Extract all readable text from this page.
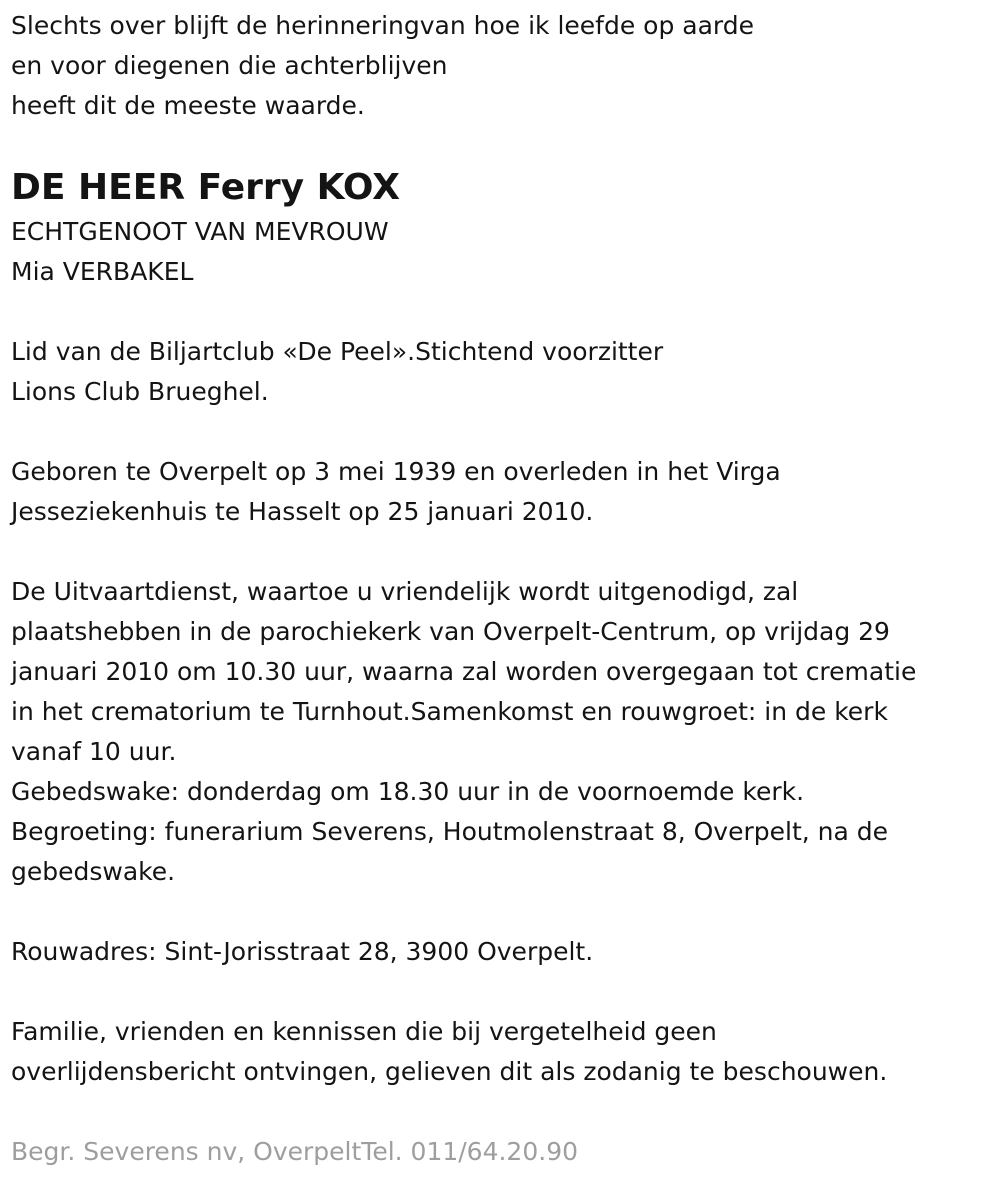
Slechts over blijft de herinneringvan hoe ik leefde op aarde
en voor diegenen die achterblijven
heeft dit de meeste waarde.
DE HEER Ferry KOX
ECHTGENOOT VAN MEVROUW
Mia VERBAKEL
Lid van de Biljartclub «De Peel».Stichtend voorzitter
Lions Club Brueghel.
Geboren te Overpelt op 3 mei 1939 en overleden in het Virga
Jesseziekenhuis te Hasselt op 25 januari 2010.
De Uitvaartdienst, waartoe u vriendelijk wordt uitgenodigd, zal
plaatshebben in de parochiekerk van Overpelt-Centrum, op vrijdag 29
januari 2010 om 10.30 uur, waarna zal worden overgegaan tot crematie
in het crematorium te Turnhout.Samenkomst en rouwgroet: in de kerk
vanaf 10 uur.
Gebedswake: donderdag om 18.30 uur in de voornoemde kerk.
Begroeting: funerarium Severens, Houtmolenstraat 8, Overpelt, na de
gebedswake.
Rouwadres: Sint-Jorisstraat 28, 3900 Overpelt.
Familie, vrienden en kennissen die bij vergetelheid geen
overlijdensbericht ontvingen, gelieven dit als zodanig te beschouwen.
Begr. Severens nv, OverpeltTel. 011/64.20.90
